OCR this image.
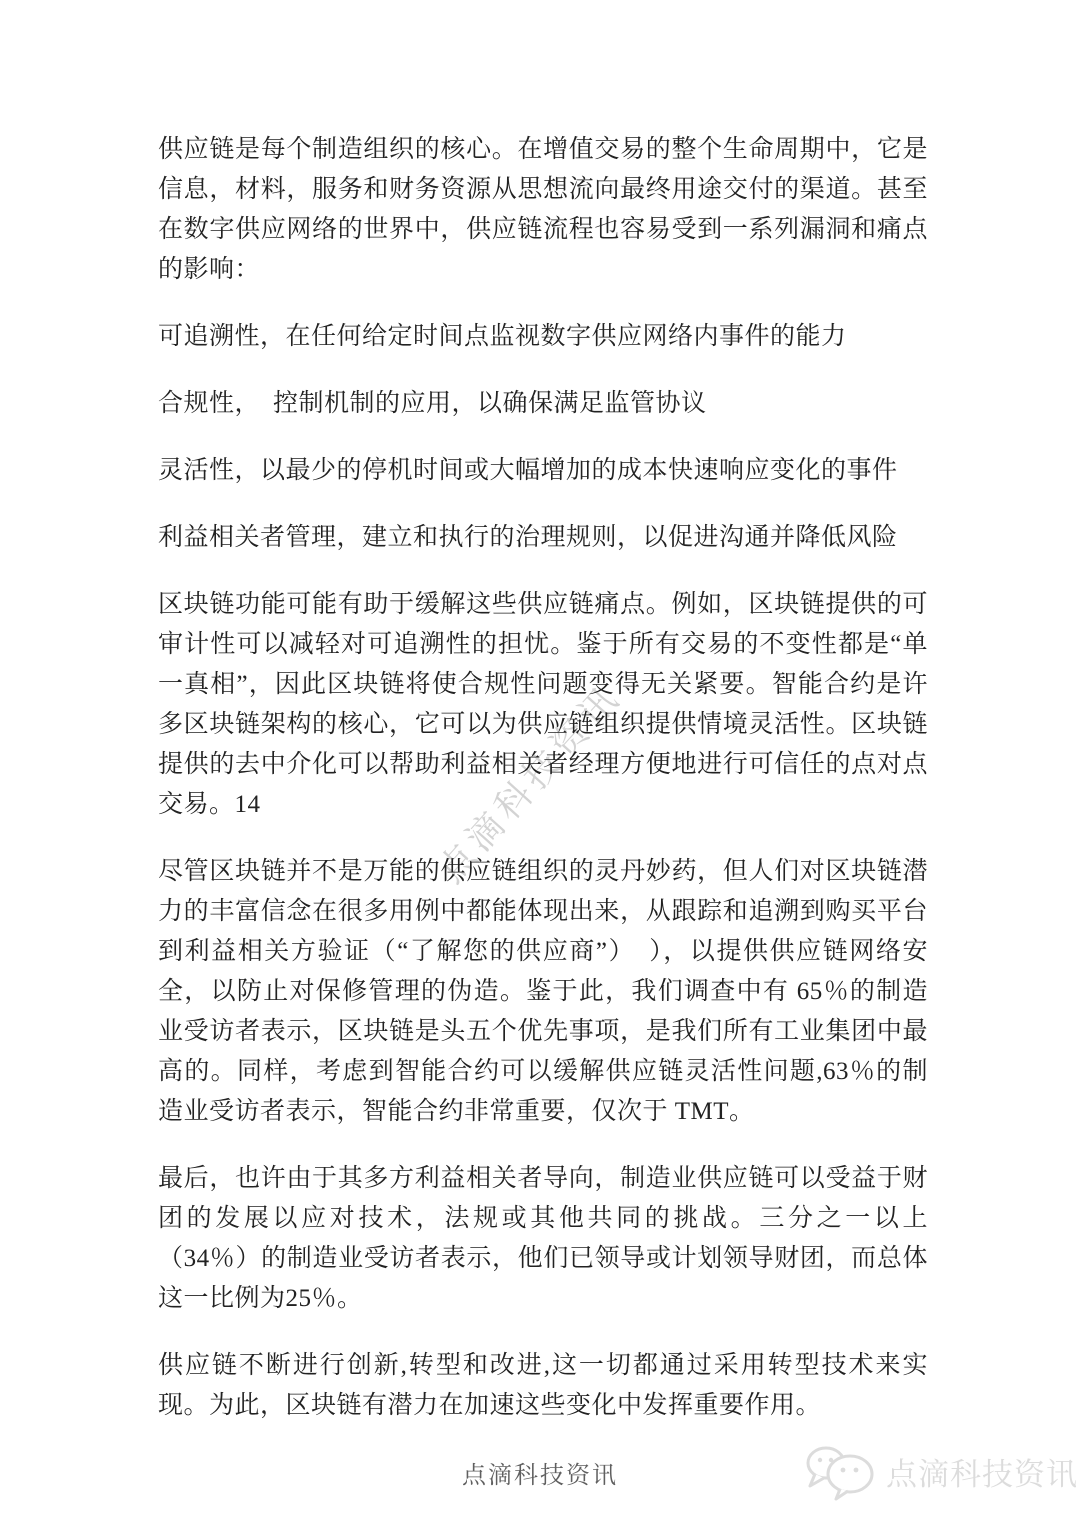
点滴科技资讯

供应链是每个制造组织的核心。在增值交易的整个生命周期中，它是信息，材料，服务和财务资源从思想流向最终用途交付的渠道。甚至在数字供应网络的世界中，供应链流程也容易受到一系列漏洞和痛点的影响：

可追溯性，在任何给定时间点监视数字供应网络内事件的能力

合规性，　控制机制的应用，以确保满足监管协议

灵活性，以最少的停机时间或大幅增加的成本快速响应变化的事件

利益相关者管理，建立和执行的治理规则，以促进沟通并降低风险

区块链功能可能有助于缓解这些供应链痛点。例如，区块链提供的可审计性可以减轻对可追溯性的担忧。鉴于所有交易的不变性都是“单一真相”，因此区块链将使合规性问题变得无关紧要。智能合约是许多区块链架构的核心，它可以为供应链组织提供情境灵活性。区块链提供的去中介化可以帮助利益相关者经理方便地进行可信任的点对点交易。14

尽管区块链并不是万能的供应链组织的灵丹妙药，但人们对区块链潜力的丰富信念在很多用例中都能体现出来，从跟踪和追溯到购买平台到利益相关方验证（“了解您的供应商”）　），以提供供应链网络安全，以防止对保修管理的伪造。鉴于此，我们调查中有 65％的制造业受访者表示，区块链是头五个优先事项，是我们所有工业集团中最高的。同样，考虑到智能合约可以缓解供应链灵活性问题,63％的制造业受访者表示，智能合约非常重要，仅次于 TMT。

最后，也许由于其多方利益相关者导向，制造业供应链可以受益于财团的发展以应对技术，法规或其他共同的挑战。三分之一以上（34％）的制造业受访者表示，他们已领导或计划领导财团，而总体这一比例为25％。

供应链不断进行创新,转型和改进,这一切都通过采用转型技术来实现。为此，区块链有潜力在加速这些变化中发挥重要作用。

点滴科技资讯	点滴科技资讯
